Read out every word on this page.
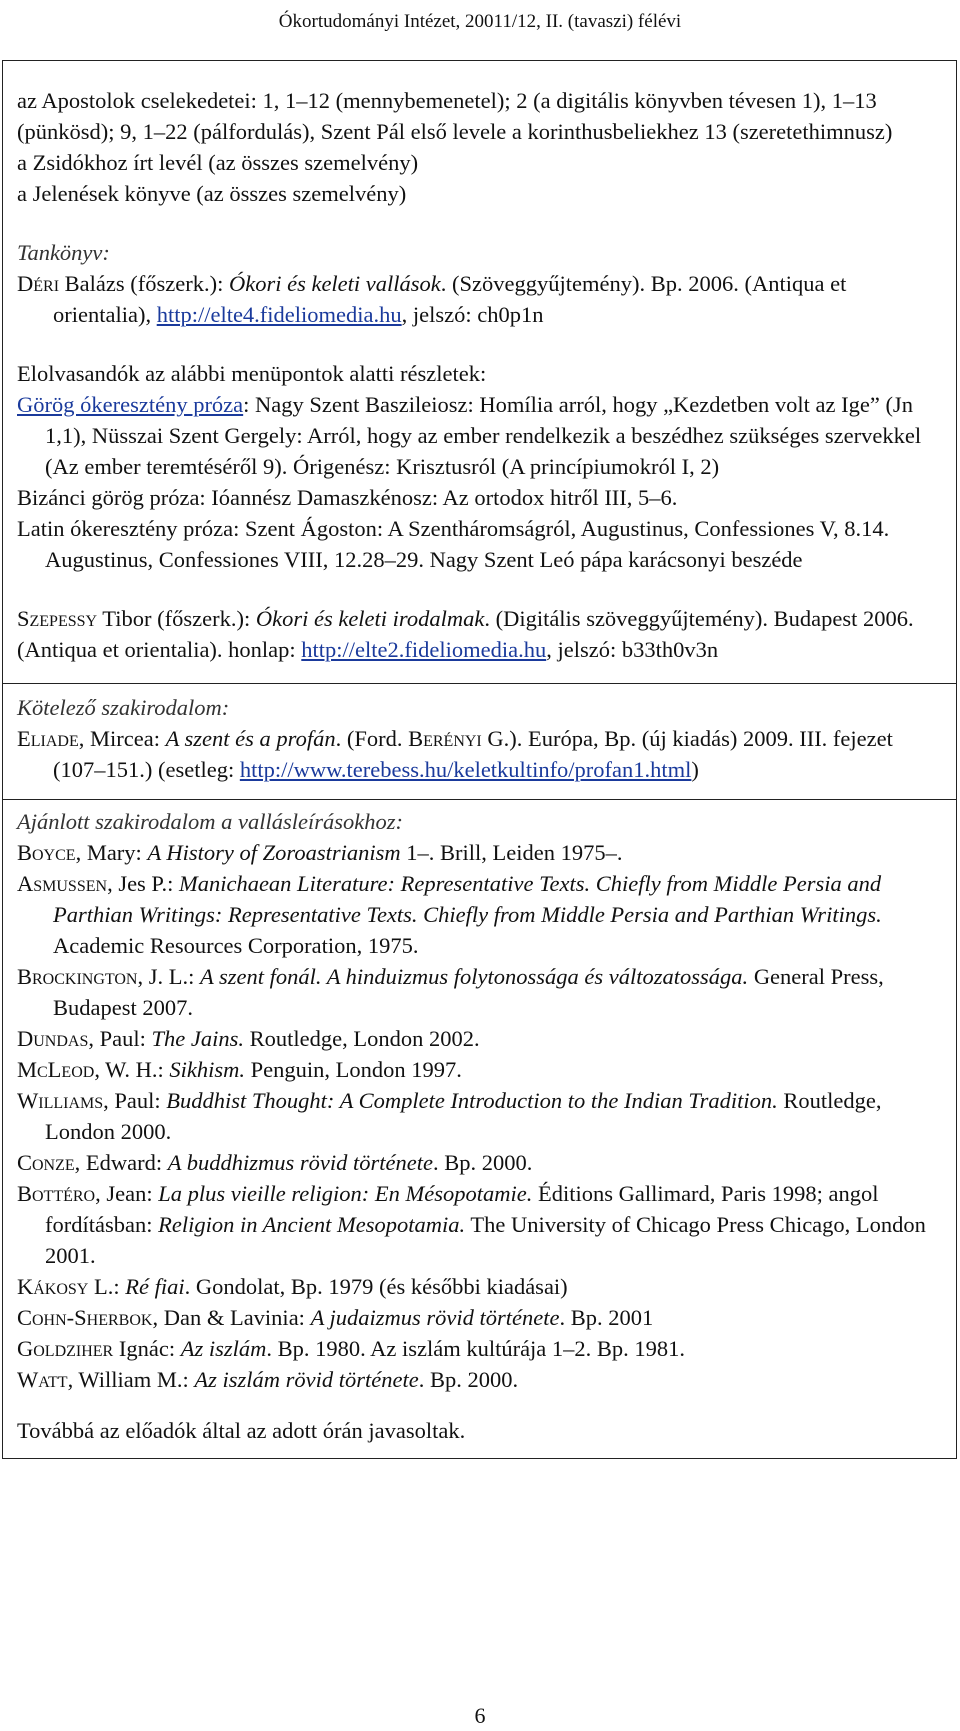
Ókortudományi Intézet, 20011/12, II. (tavaszi) félévi

az Apostolok cselekedetei: 1, 1–12 (mennybemenetel); 2 (a digitális könyvben tévesen 1), 1–13 (pünkösd); 9, 1–22 (pálfordulás), Szent Pál első levele a korinthusbeliekhez 13 (szeretethimnusz)

a Zsidókhoz írt levél (az összes szemelvény)

a Jelenések könyve (az összes szemelvény)

Tankönyv:

Déri Balázs (főszerk.): Ókori és keleti vallások. (Szöveggyűjtemény). Bp. 2006. (Antiqua et orientalia), http://elte4.fideliomedia.hu, jelszó: ch0p1n

Elolvasandók az alábbi menüpontok alatti részletek:

Görög ókeresztény próza: Nagy Szent Baszileiosz: Homília arról, hogy „Kezdetben volt az Ige” (Jn 1,1), Nüsszai Szent Gergely: Arról, hogy az ember rendelkezik a beszédhez szükséges szervekkel (Az ember teremtéséről 9). Órigenész: Krisztusról (A princípiumokról I, 2)

Bizánci görög próza: Ióannész Damaszkénosz: Az ortodox hitről III, 5–6.

Latin ókeresztény próza: Szent Ágoston: A Szentháromságról, Augustinus, Confessiones V, 8.14. Augustinus, Confessiones VIII, 12.28–29. Nagy Szent Leó pápa karácsonyi beszéde

Szepessy Tibor (főszerk.): Ókori és keleti irodalmak. (Digitális szöveggyűjtemény). Budapest 2006. (Antiqua et orientalia). honlap: http://elte2.fideliomedia.hu, jelszó: b33th0v3n

Kötelező szakirodalom:

Eliade, Mircea: A szent és a profán. (Ford. Berényi G.). Európa, Bp. (új kiadás) 2009. III. fejezet (107–151.) (esetleg: http://www.terebess.hu/keletkultinfo/profan1.html)

Ajánlott szakirodalom a vallásleírásokhoz:

Boyce, Mary: A History of Zoroastrianism 1–. Brill, Leiden 1975–.

Asmussen, Jes P.: Manichaean Literature: Representative Texts. Chiefly from Middle Persia and Parthian Writings: Representative Texts. Chiefly from Middle Persia and Parthian Writings. Academic Resources Corporation, 1975.

Brockington, J. L.: A szent fonál. A hinduizmus folytonossága és változatossága. General Press, Budapest 2007.

Dundas, Paul: The Jains. Routledge, London 2002.

McLeod, W. H.: Sikhism. Penguin, London 1997.

Williams, Paul: Buddhist Thought: A Complete Introduction to the Indian Tradition. Routledge, London 2000.

Conze, Edward: A buddhizmus rövid története. Bp. 2000.

Bottéro, Jean: La plus vieille religion: En Mésopotamie. Éditions Gallimard, Paris 1998; angol fordításban: Religion in Ancient Mesopotamia. The University of Chicago Press Chicago, London 2001.

Kákosy L.: Ré fiai. Gondolat, Bp. 1979 (és későbbi kiadásai)

Cohn-Sherbok, Dan & Lavinia: A judaizmus rövid története. Bp. 2001

Goldziher Ignác: Az iszlám. Bp. 1980. Az iszlám kultúrája 1–2. Bp. 1981.

Watt, William M.: Az iszlám rövid története. Bp. 2000.

Továbbá az előadók által az adott órán javasoltak.

6
